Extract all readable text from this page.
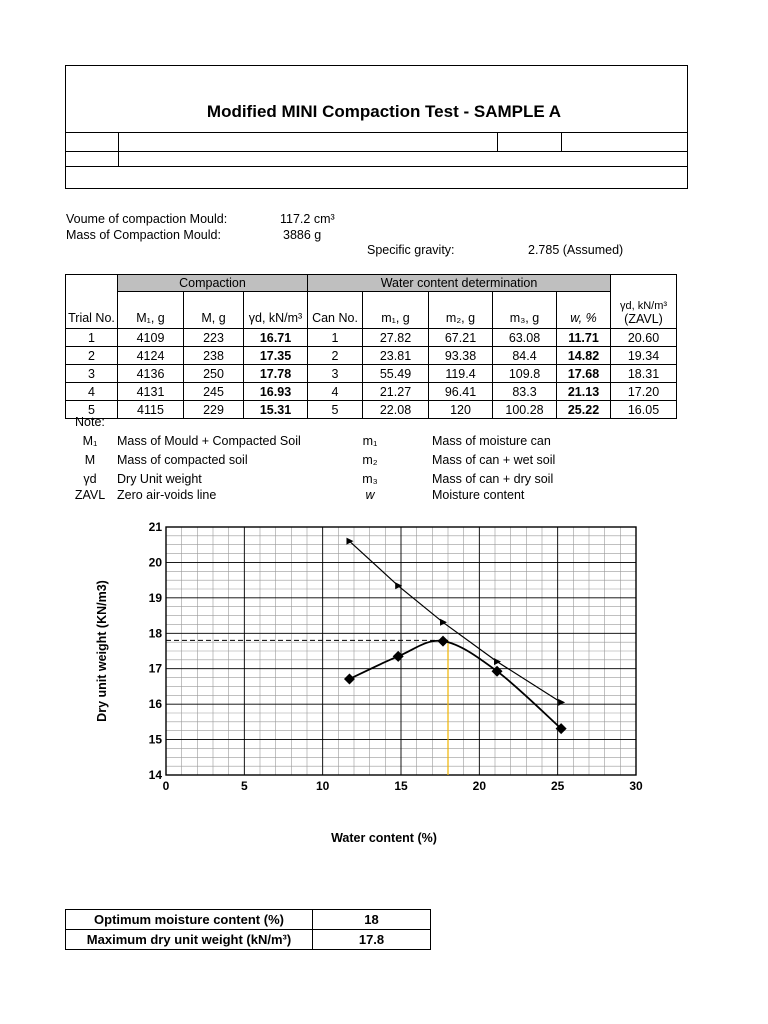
Modified MINI Compaction Test - SAMPLE A
Voume of compaction Mould:	117.2 cm³
Mass of Compaction Mould:	3886 g
Specific gravity:	2.785 (Assumed)
	Compaction			Water content determination					
Trial No.	M₁, g	M, g	γd, kN/m³	Can No.	m₁, g	m₂, g	m₃, g	w, %	γd, kN/m³
(ZAVL)
1	4109	223	16.71	1	27.82	67.21	63.08	11.71	20.60
2	4124	238	17.35	2	23.81	93.38	84.4	14.82	19.34
3	4136	250	17.78	3	55.49	119.4	109.8	17.68	18.31
4	4131	245	16.93	4	21.27	96.41	83.3	21.13	17.20
5	4115	229	15.31	5	22.08	120	100.28	25.22	16.05
Note:
0	5	10	15	20	25	30
14
15
16
17
18
19
20
21
Water content (%)
Dry unit weight (KN/m3)
Optimum moisture content (%)	18
Maximum dry unit weight (kN/m³)	17.8
M₁	Mass of Mould + Compacted Soil
M	Mass of compacted soil
γd	Dry Unit weight
ZAVL Zero air-voids line
m₁	Mass of moisture can
m₂	Mass of can + wet soil
m₃	Mass of can + dry soil
w	Moisture content
